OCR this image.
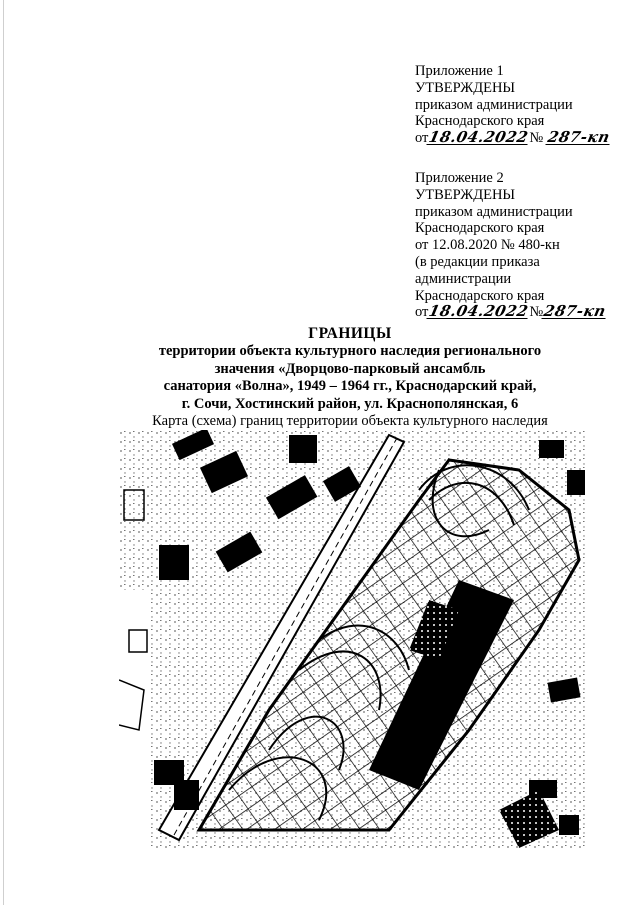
Приложение 1
УТВЕРЖДЕНЫ
приказом администрации
Краснодарского края
от18.04.2022№ 287-кп
Приложение 2
УТВЕРЖДЕНЫ
приказом администрации
Краснодарского края
от 12.08.2020 № 480-кн
(в редакции приказа
администрации
Краснодарского края
от18.04.2022№287-кп
ГРАНИЦЫ
территории объекта культурного наследия регионального
значения «Дворцово-парковый ансамбль
санатория «Волна», 1949 – 1964 гг., Краснодарский край,
г. Сочи, Хостинский район, ул. Краснополянская, 6
Карта (схема) границ территории объекта культурного наследия
